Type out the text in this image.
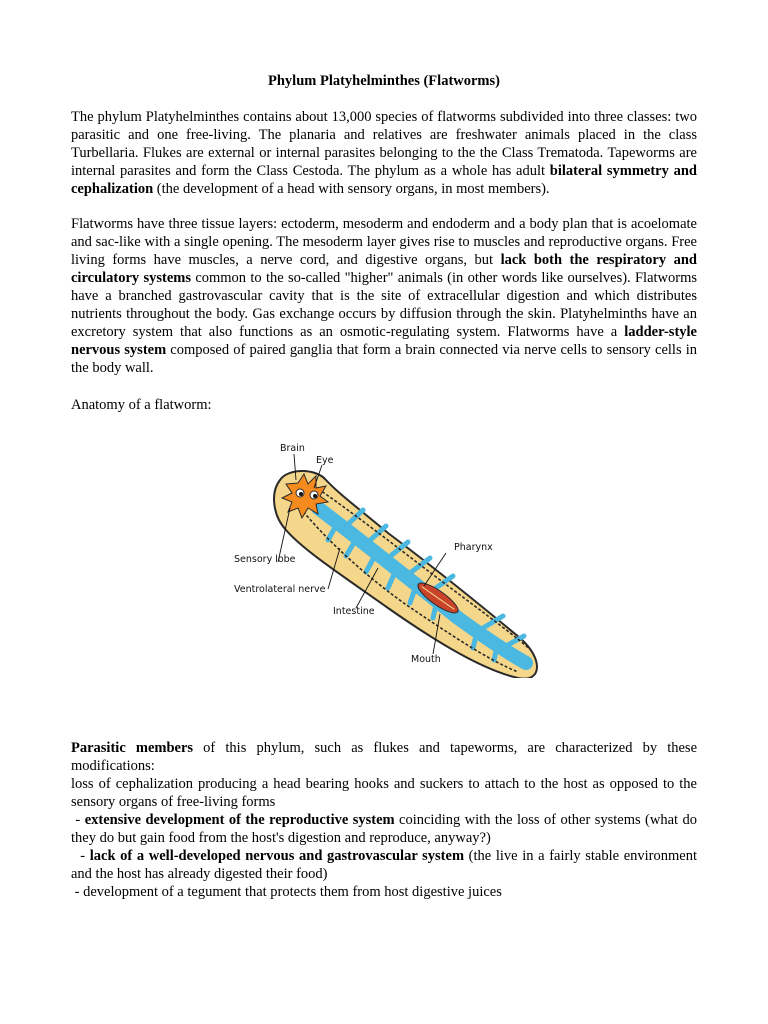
Phylum Platyhelminthes (Flatworms)

The phylum Platyhelminthes contains about 13,000 species of flatworms subdivided into three classes: two parasitic and one free-living. The planaria and relatives are freshwater animals placed in the class Turbellaria. Flukes are external or internal parasites belonging to the the Class Trematoda. Tapeworms are internal parasites and form the Class Cestoda. The phylum as a whole has adult bilateral symmetry and cephalization (the development of a head with sensory organs, in most members).

Flatworms have three tissue layers: ectoderm, mesoderm and endoderm and a body plan that is acoelomate and sac-like with a single opening. The mesoderm layer gives rise to muscles and reproductive organs. Free living forms have muscles, a nerve cord, and digestive organs, but lack both the respiratory and circulatory systems common to the so-called "higher" animals (in other words like ourselves). Flatworms have a branched gastrovascular cavity that is the site of extracellular digestion and which distributes nutrients throughout the body. Gas exchange occurs by diffusion through the skin. Platyhelminths have an excretory system that also functions as an osmotic-regulating system. Flatworms have a ladder-style nervous system composed of paired ganglia that form a brain connected via nerve cells to sensory cells in the body wall.

Anatomy of a flatworm:
Brain
Eye
Pharynx
Sensory lobe
Ventrolateral nerve
Intestine
Mouth
Parasitic members of this phylum, such as flukes and tapeworms, are characterized by these modifications:
loss of cephalization producing a head bearing hooks and suckers to attach to the host as opposed to the sensory organs of free-living forms
- extensive development of the reproductive system coinciding with the loss of other systems (what do they do but gain food from the host's digestion and reproduce, anyway?)
- lack of a well-developed nervous and gastrovascular system (the live in a fairly stable environment and the host has already digested their food)
- development of a tegument that protects them from host digestive juices
